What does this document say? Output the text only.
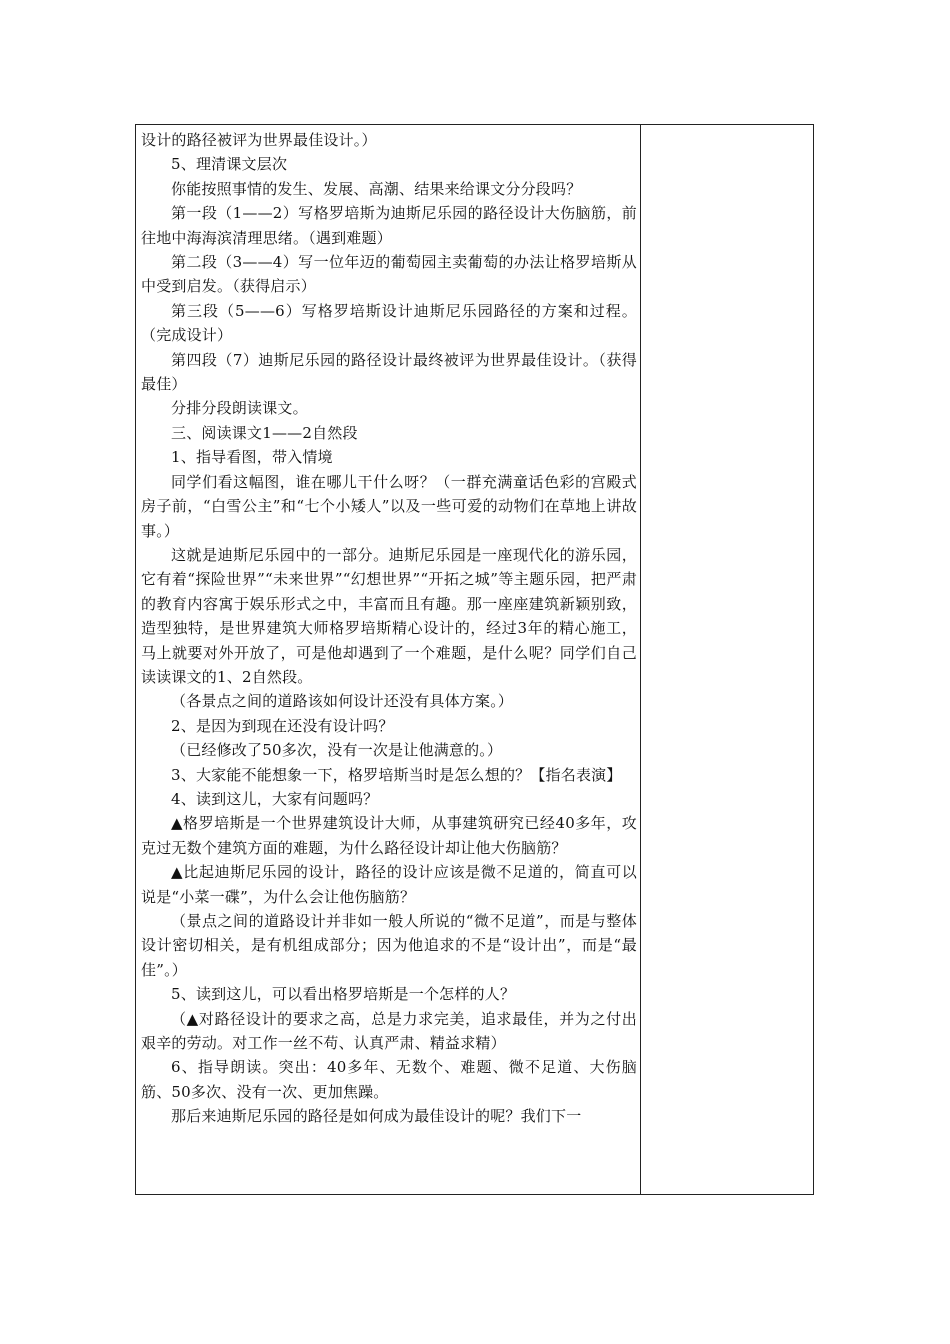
设计的路径被评为世界最佳设计。）

5、理清课文层次

你能按照事情的发生、发展、高潮、结果来给课文分分段吗？

第一段（1——2）写格罗培斯为迪斯尼乐园的路径设计大伤脑筋，前往地中海海滨清理思绪。（遇到难题）

第二段（3——4）写一位年迈的葡萄园主卖葡萄的办法让格罗培斯从中受到启发。（获得启示）

第三段（5——6）写格罗培斯设计迪斯尼乐园路径的方案和过程。（完成设计）

第四段（7）迪斯尼乐园的路径设计最终被评为世界最佳设计。（获得最佳）

分排分段朗读课文。

三、阅读课文1——2自然段

1、指导看图，带入情境

同学们看这幅图，谁在哪儿干什么呀？（一群充满童话色彩的宫殿式房子前，“白雪公主”和“七个小矮人”以及一些可爱的动物们在草地上讲故事。）

这就是迪斯尼乐园中的一部分。迪斯尼乐园是一座现代化的游乐园，它有着“探险世界”“未来世界”“幻想世界”“开拓之城”等主题乐园，把严肃的教育内容寓于娱乐形式之中，丰富而且有趣。那一座座建筑新颖别致，造型独特，是世界建筑大师格罗培斯精心设计的，经过3年的精心施工，马上就要对外开放了，可是他却遇到了一个难题，是什么呢？同学们自己读读课文的1、2自然段。

（各景点之间的道路该如何设计还没有具体方案。）

2、是因为到现在还没有设计吗？

（已经修改了50多次，没有一次是让他满意的。）

3、大家能不能想象一下，格罗培斯当时是怎么想的？【指名表演】

4、读到这儿，大家有问题吗？

▲格罗培斯是一个世界建筑设计大师，从事建筑研究已经40多年，攻克过无数个建筑方面的难题，为什么路径设计却让他大伤脑筋？

▲比起迪斯尼乐园的设计，路径的设计应该是微不足道的，简直可以说是“小菜一碟”，为什么会让他伤脑筋？

（景点之间的道路设计并非如一般人所说的“微不足道”，而是与整体设计密切相关，是有机组成部分；因为他追求的不是“设计出”，而是“最佳”。）

5、读到这儿，可以看出格罗培斯是一个怎样的人？

（▲对路径设计的要求之高，总是力求完美，追求最佳，并为之付出艰辛的劳动。对工作一丝不苟、认真严肃、精益求精）

6、指导朗读。突出：40多年、无数个、难题、微不足道、大伤脑筋、50多次、没有一次、更加焦躁。

那后来迪斯尼乐园的路径是如何成为最佳设计的呢？我们下一
